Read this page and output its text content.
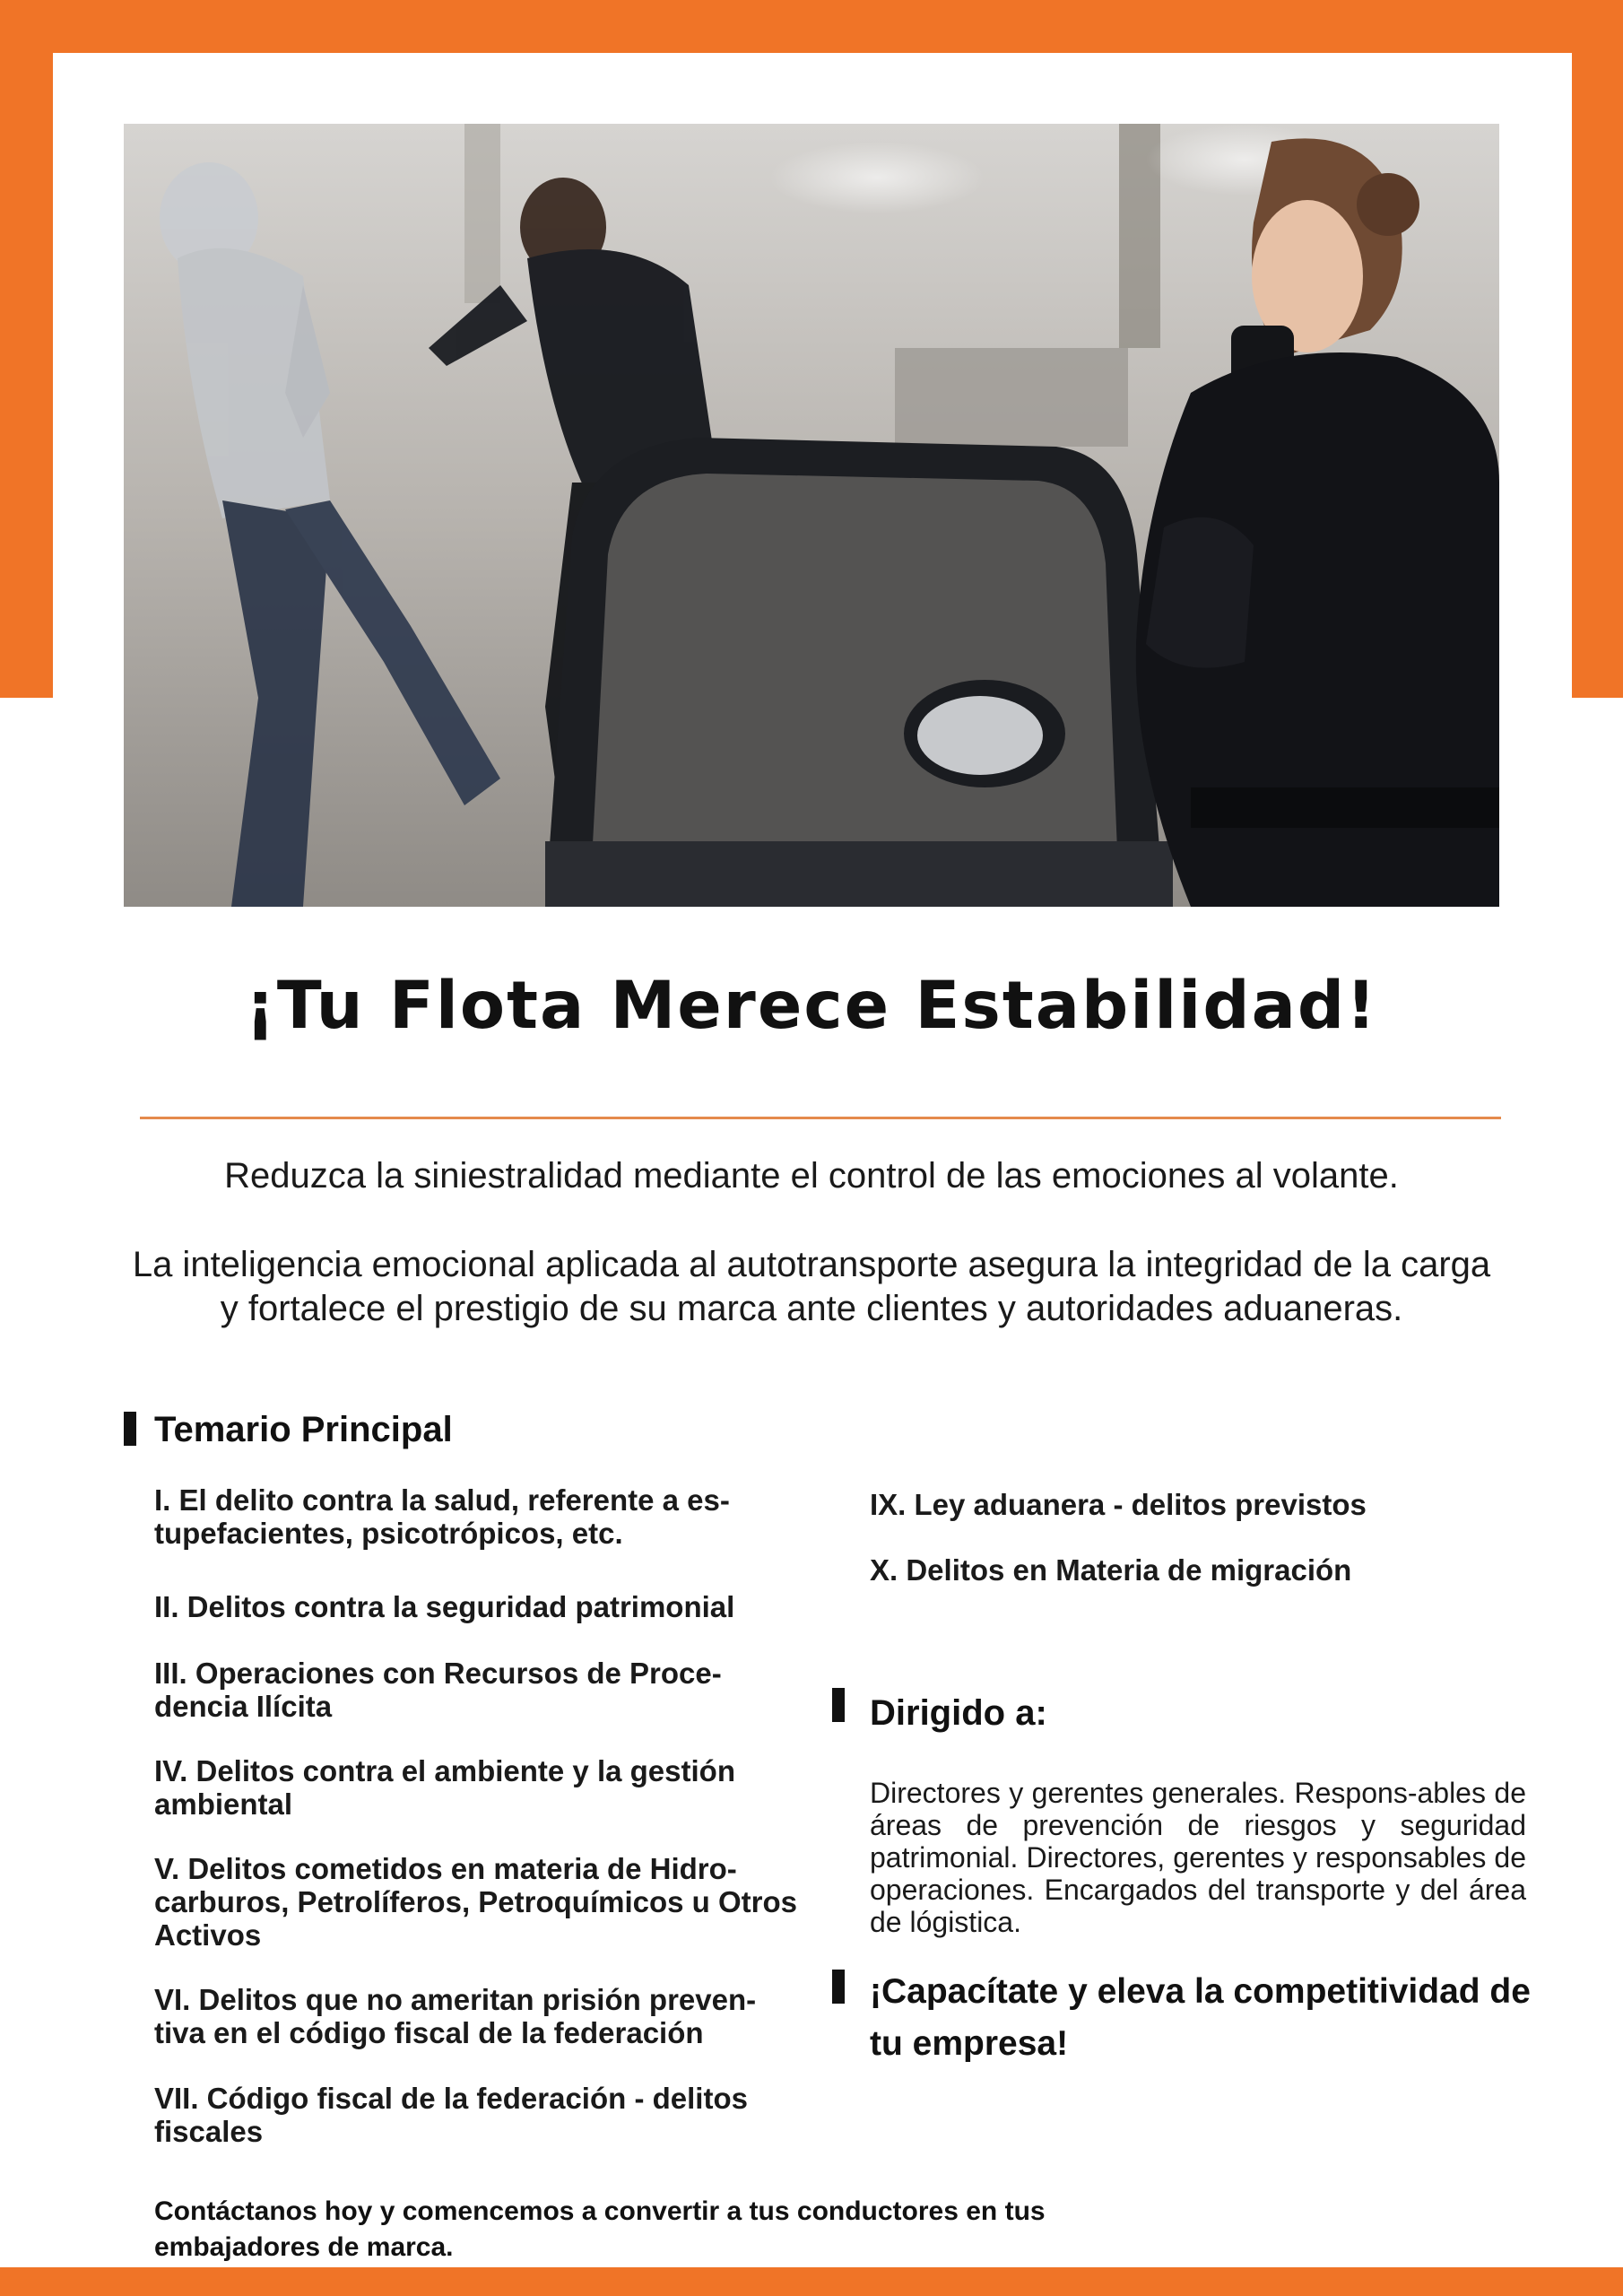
¡Tu Flota Merece Estabilidad!
Reduzca la siniestralidad mediante el control de las emociones al volante.
La inteligencia emocional aplicada al autotransporte asegura la integridad de la carga y fortalece el prestigio de su marca ante clientes y autoridades aduaneras.
Temario Principal
I. El delito contra la salud, referente a es-tupefacientes, psicotrópicos, etc.
II. Delitos contra la seguridad patrimonial
III. Operaciones con Recursos de Proce-dencia Ilícita
IV. Delitos contra el ambiente y la gestión ambiental
V. Delitos cometidos en materia de Hidro-carburos, Petrolíferos, Petroquímicos u Otros Activos
VI. Delitos que no ameritan prisión preven-tiva en el código fiscal de la federación
VII. Código fiscal de la federación - delitos fiscales
IX. Ley aduanera - delitos previstos
X. Delitos en Materia de migración
Dirigido a:
Directores y gerentes generales. Respons-ables de áreas de prevención de riesgos y seguridad patrimonial. Directores, gerentes y responsables de operaciones. Encargados del transporte y del área de lógistica.
¡Capacítate y eleva la competitividad de tu empresa!
Contáctanos hoy y comencemos a convertir a tus conductores en tus embajadores de marca.
